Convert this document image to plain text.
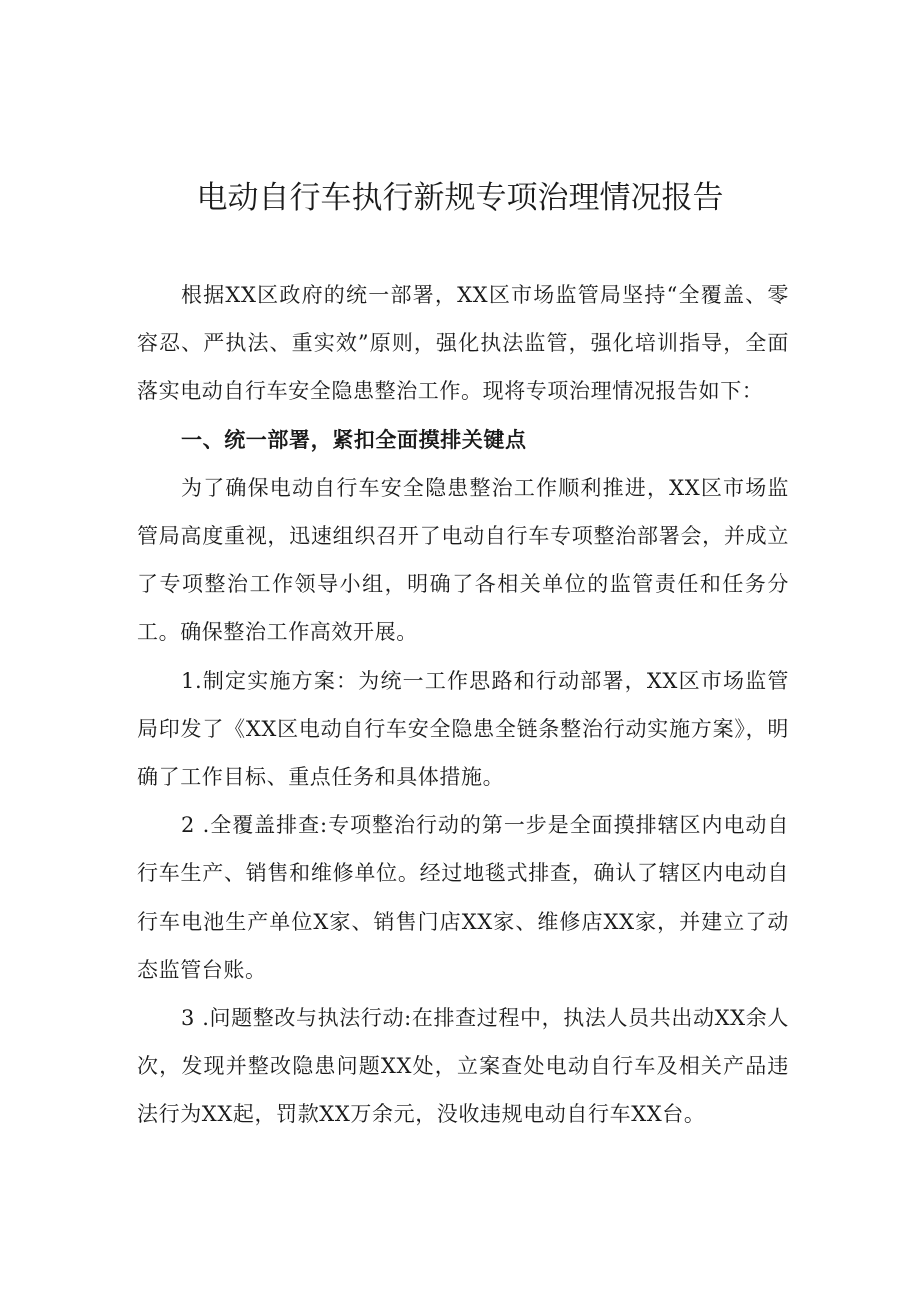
电动自行车执行新规专项治理情况报告

根据XX区政府的统一部署，XX区市场监管局坚持“全覆盖、零容忍、严执法、重实效”原则，强化执法监管，强化培训指导，全面落实电动自行车安全隐患整治工作。现将专项治理情况报告如下：

一、统一部署，紧扣全面摸排关键点

为了确保电动自行车安全隐患整治工作顺利推进，XX区市场监管局高度重视，迅速组织召开了电动自行车专项整治部署会，并成立了专项整治工作领导小组，明确了各相关单位的监管责任和任务分工。确保整治工作高效开展。

1.制定实施方案：为统一工作思路和行动部署，XX区市场监管局印发了《XX区电动自行车安全隐患全链条整治行动实施方案》，明确了工作目标、重点任务和具体措施。

2 .全覆盖排查:专项整治行动的第一步是全面摸排辖区内电动自行车生产、销售和维修单位。经过地毯式排查，确认了辖区内电动自行车电池生产单位X家、销售门店XX家、维修店XX家，并建立了动态监管台账。

3 .问题整改与执法行动:在排查过程中，执法人员共出动XX余人次，发现并整改隐患问题XX处，立案查处电动自行车及相关产品违法行为XX起，罚款XX万余元，没收违规电动自行车XX台。
